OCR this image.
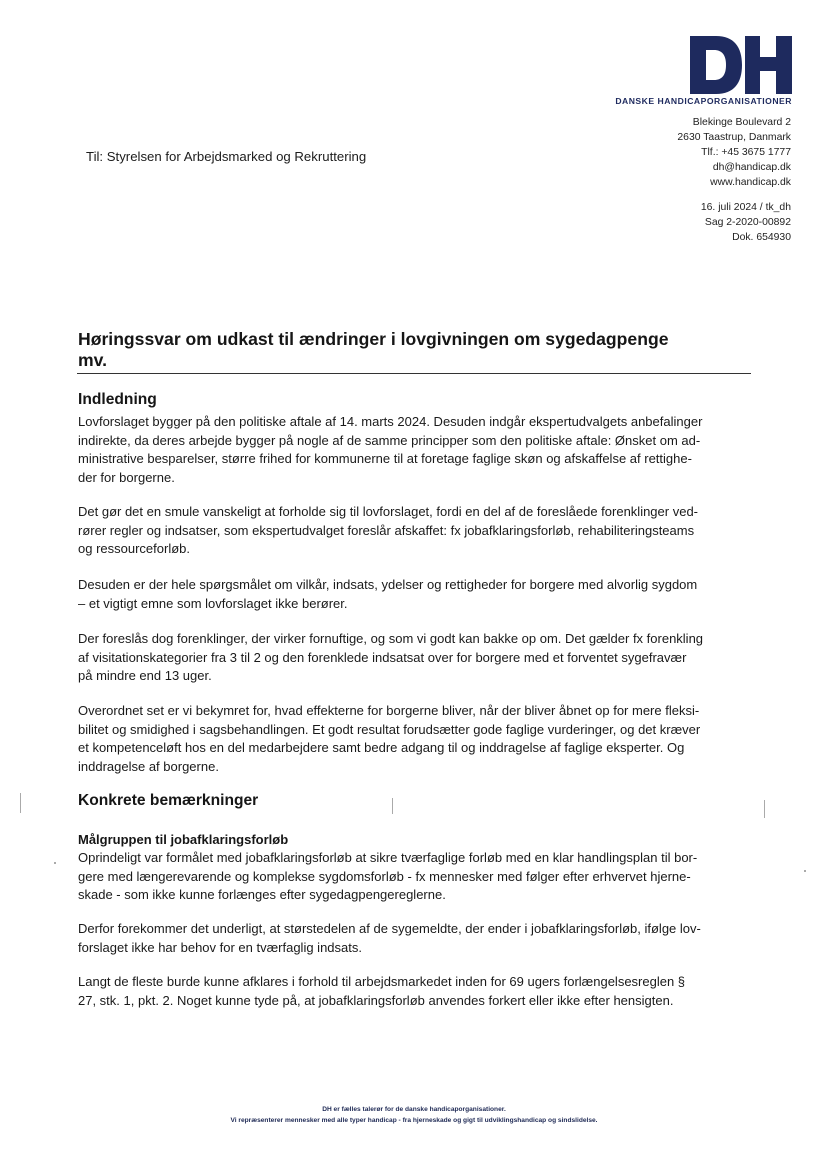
DANSKE HANDICAPORGANISATIONER
Blekinge Boulevard 2
2630 Taastrup, Danmark
Tlf.: +45 3675 1777
dh@handicap.dk
www.handicap.dk
16. juli 2024 / tk_dh
Sag 2-2020-00892
Dok. 654930
Til: Styrelsen for Arbejdsmarked og Rekruttering
Høringssvar om udkast til ændringer i lovgivningen om sygedagpenge
mv.
Indledning
Lovforslaget bygger på den politiske aftale af 14. marts 2024. Desuden indgår ekspertudvalgets anbefalinger
indirekte, da deres arbejde bygger på nogle af de samme principper som den politiske aftale: Ønsket om ad-
ministrative besparelser, større frihed for kommunerne til at foretage faglige skøn og afskaffelse af rettighe-
der for borgerne.
Det gør det en smule vanskeligt at forholde sig til lovforslaget, fordi en del af de foreslåede forenklinger ved-
rører regler og indsatser, som ekspertudvalget foreslår afskaffet: fx jobafklaringsforløb, rehabiliteringsteams
og ressourceforløb.
Desuden er der hele spørgsmålet om vilkår, indsats, ydelser og rettigheder for borgere med alvorlig sygdom
– et vigtigt emne som lovforslaget ikke berører.
Der foreslås dog forenklinger, der virker fornuftige, og som vi godt kan bakke op om. Det gælder fx forenkling
af visitationskategorier fra 3 til 2 og den forenklede indsatsat over for borgere med et forventet sygefravær
på mindre end 13 uger.
Overordnet set er vi bekymret for, hvad effekterne for borgerne bliver, når der bliver åbnet op for mere fleksi-
bilitet og smidighed i sagsbehandlingen. Et godt resultat forudsætter gode faglige vurderinger, og det kræver
et kompetenceløft hos en del medarbejdere samt bedre adgang til og inddragelse af faglige eksperter. Og
inddragelse af borgerne.
Konkrete bemærkninger
Målgruppen til jobafklaringsforløb
Oprindeligt var formålet med jobafklaringsforløb at sikre tværfaglige forløb med en klar handlingsplan til bor-
gere med længerevarende og komplekse sygdomsforløb - fx mennesker med følger efter erhvervet hjerne-
skade - som ikke kunne forlænges efter sygedagpengereglerne.
Derfor forekommer det underligt, at størstedelen af de sygemeldte, der ender i jobafklaringsforløb, ifølge lov-
forslaget ikke har behov for en tværfaglig indsats.
Langt de fleste burde kunne afklares i forhold til arbejdsmarkedet inden for 69 ugers forlængelsesreglen §
27, stk. 1, pkt. 2. Noget kunne tyde på, at jobafklaringsforløb anvendes forkert eller ikke efter hensigten.
DH er fælles talerør for de danske handicaporganisationer.
Vi repræsenterer mennesker med alle typer handicap - fra hjerneskade og gigt til udviklingshandicap og sindslidelse.
